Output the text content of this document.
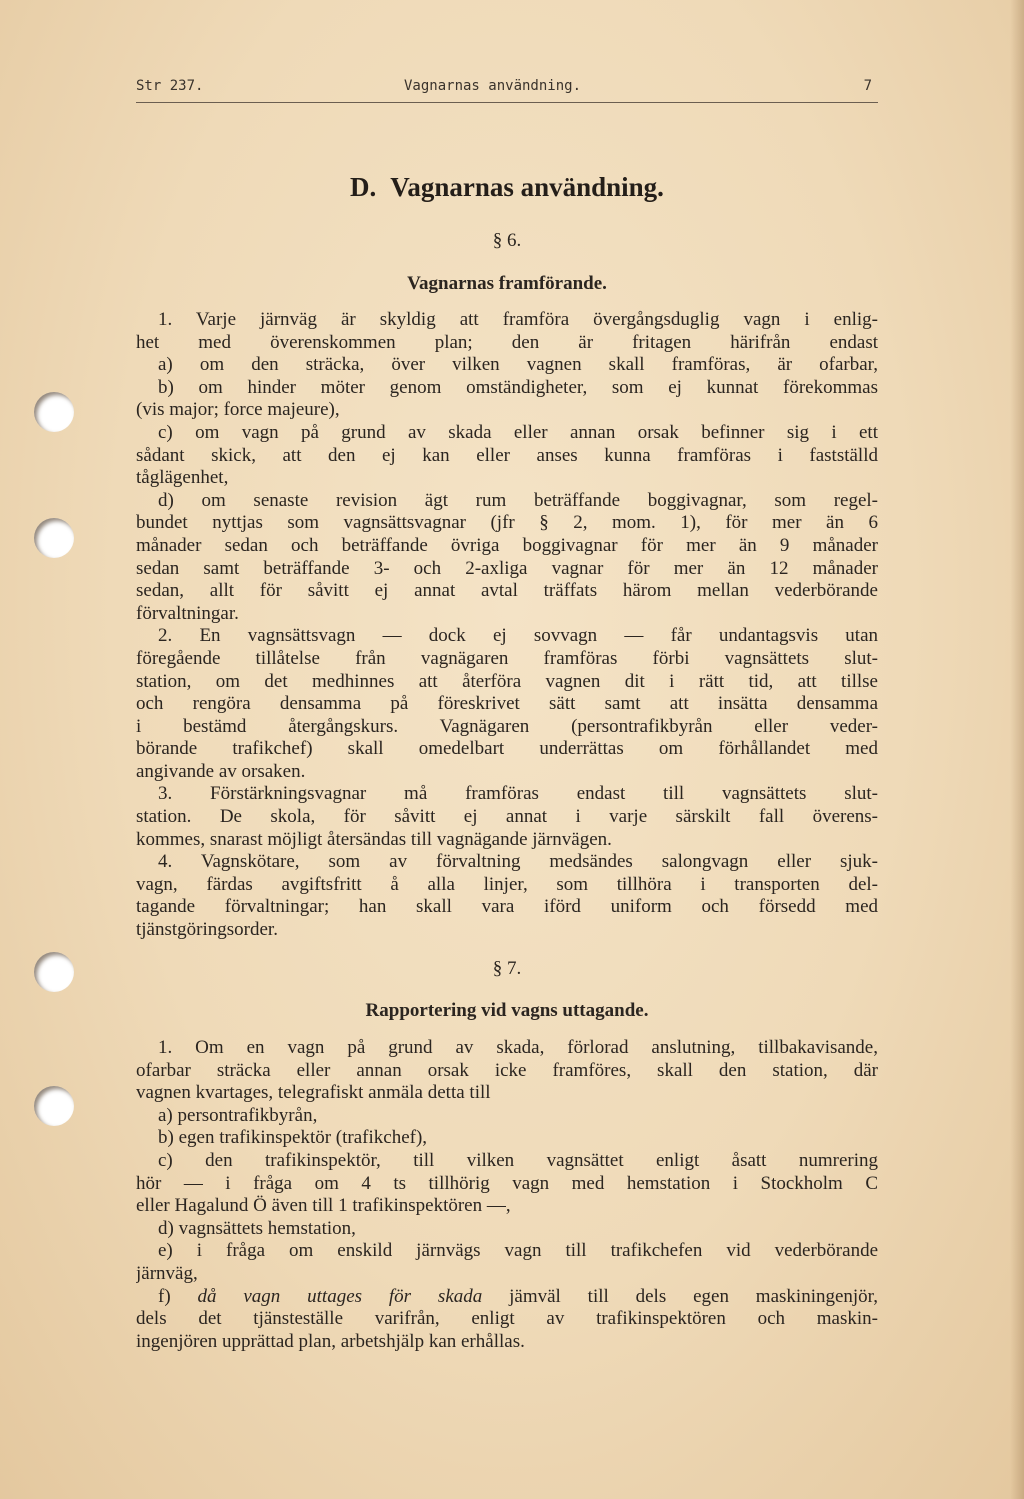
Str 237.	Vagnarnas användning.	7
D. Vagnarnas användning.
§ 6.
Vagnarnas framförande.
1. Varje järnväg är skyldig att framföra övergångsduglig vagn i enlig-
het med överenskommen plan; den är fritagen härifrån endast
a) om den sträcka, över vilken vagnen skall framföras, är ofarbar,
b) om hinder möter genom omständigheter, som ej kunnat förekommas
(vis major; force majeure),
c) om vagn på grund av skada eller annan orsak befinner sig i ett
sådant skick, att den ej kan eller anses kunna framföras i fastställd
tåglägenhet,
d) om senaste revision ägt rum beträffande boggivagnar, som regel-
bundet nyttjas som vagnsättsvagnar (jfr § 2, mom. 1), för mer än 6
månader sedan och beträffande övriga boggivagnar för mer än 9 månader
sedan samt beträffande 3- och 2-axliga vagnar för mer än 12 månader
sedan, allt för såvitt ej annat avtal träffats härom mellan vederbörande
förvaltningar.
2. En vagnsättsvagn — dock ej sovvagn — får undantagsvis utan
föregående tillåtelse från vagnägaren framföras förbi vagnsättets slut-
station, om det medhinnes att återföra vagnen dit i rätt tid, att tillse
och rengöra densamma på föreskrivet sätt samt att insätta densamma
i bestämd återgångskurs. Vagnägaren (persontrafikbyrån eller veder-
börande trafikchef) skall omedelbart underrättas om förhållandet med
angivande av orsaken.
3. Förstärkningsvagnar må framföras endast till vagnsättets slut-
station. De skola, för såvitt ej annat i varje särskilt fall överens-
kommes, snarast möjligt återsändas till vagnägande järnvägen.
4. Vagnskötare, som av förvaltning medsändes salongvagn eller sjuk-
vagn, färdas avgiftsfritt å alla linjer, som tillhöra i transporten del-
tagande förvaltningar; han skall vara iförd uniform och försedd med
tjänstgöringsorder.
§ 7.
Rapportering vid vagns uttagande.
1. Om en vagn på grund av skada, förlorad anslutning, tillbakavisande,
ofarbar sträcka eller annan orsak icke framföres, skall den station, där
vagnen kvartages, telegrafiskt anmäla detta till
a) persontrafikbyrån,
b) egen trafikinspektör (trafikchef),
c) den trafikinspektör, till vilken vagnsättet enligt åsatt numrering
hör — i fråga om 4 ts tillhörig vagn med hemstation i Stockholm C
eller Hagalund Ö även till 1 trafikinspektören —,
d) vagnsättets hemstation,
e) i fråga om enskild järnvägs vagn till trafikchefen vid vederbörande
järnväg,
f) då vagn uttages för skada jämväl till dels egen maskiningenjör,
dels det tjänsteställe varifrån, enligt av trafikinspektören och maskin-
ingenjören upprättad plan, arbetshjälp kan erhållas.
